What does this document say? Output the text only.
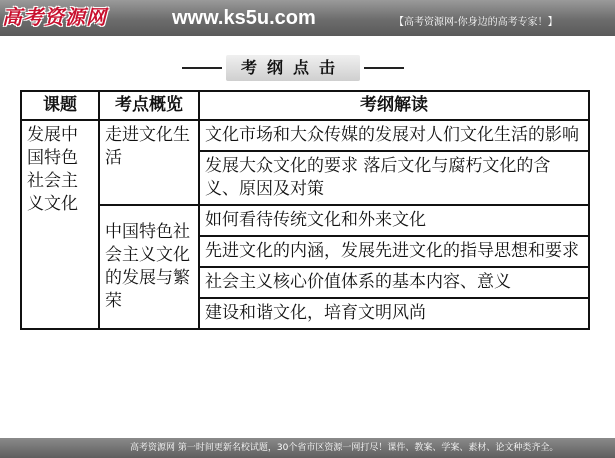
高考资源网	www.ks5u.com	【高考资源网-你身边的高考专家！】
考纲点击
课题	考点概览	考纲解读
发展中国特色社会主义文化	走进文化生活	文化市场和大众传媒的发展对人们文化生活的影响
		发展大众文化的要求 落后文化与腐朽文化的含义、原因及对策
	中国特色社会主义文化的发展与繁荣	如何看待传统文化和外来文化
		先进文化的内涵，发展先进文化的指导思想和要求
		社会主义核心价值体系的基本内容、意义
		建设和谐文化，培育文明风尚
高考资源网 第一时间更新名校试题，30个省市区资源一网打尽！课件、教案、学案、素材、论文种类齐全。
